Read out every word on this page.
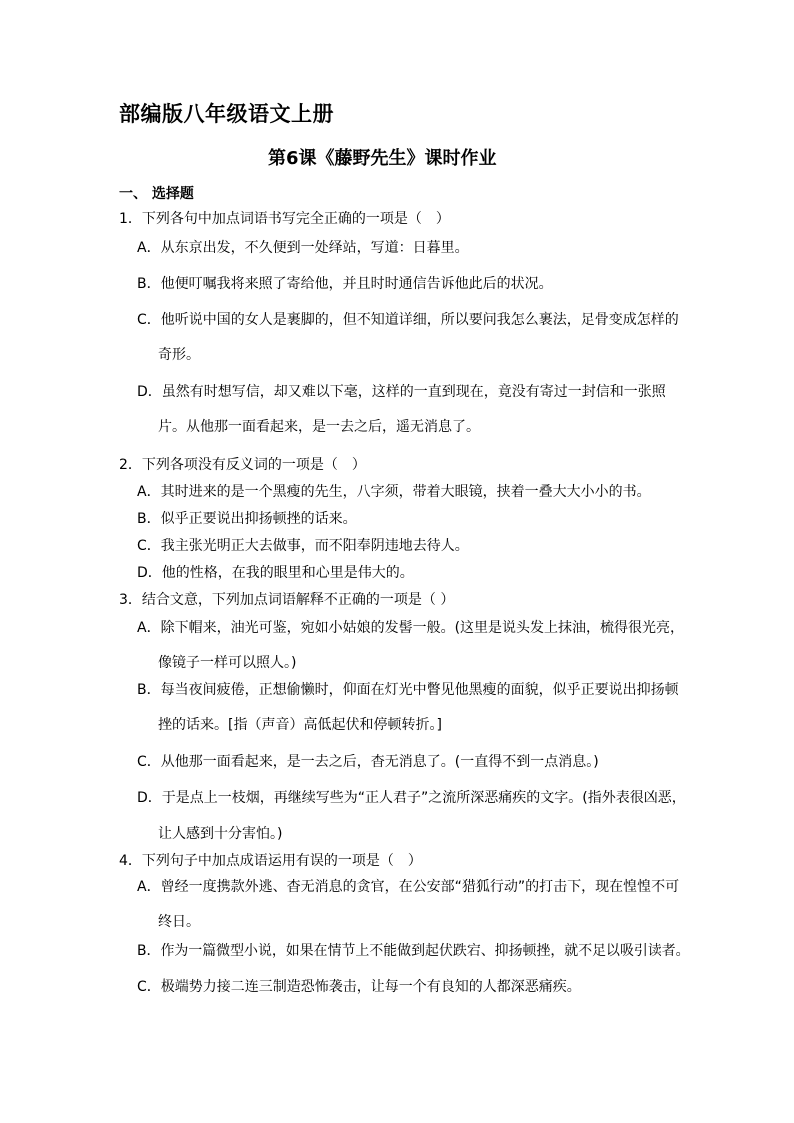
部编版八年级语文上册
第6课《藤野先生》课时作业
一、 选择题
1．下列各句中加点词语书写完全正确的一项是（　）
A．从东京出发，不久便到一处绎站，写道：日暮里。
B．他便叮嘱我将来照了寄给他，并且时时通信告诉他此后的状况。
C．他听说中国的女人是裹脚的，但不知道详细，所以要问我怎么裹法，足骨变成怎样的
奇形。
D．虽然有时想写信，却又难以下毫，这样的一直到现在，竟没有寄过一封信和一张照
片。从他那一面看起来，是一去之后，遥无消息了。
2．下列各项没有反义词的一项是（　）
A．其时进来的是一个黑瘦的先生，八字须，带着大眼镜，挟着一叠大大小小的书。
B．似乎正要说出抑扬顿挫的话来。
C．我主张光明正大去做事，而不阳奉阴违地去待人。
D．他的性格，在我的眼里和心里是伟大的。
3．结合文意，下列加点词语解释不正确的一项是（ ）
A．除下帽来，油光可鉴，宛如小姑娘的发髻一般。(这里是说头发上抹油，梳得很光亮，
像镜子一样可以照人。)
B．每当夜间疲倦，正想偷懒时，仰面在灯光中瞥见他黑瘦的面貌，似乎正要说出抑扬顿
挫的话来。[指（声音）高低起伏和停顿转折。]
C．从他那一面看起来，是一去之后，杳无消息了。(一直得不到一点消息。)
D．于是点上一枝烟，再继续写些为“正人君子”之流所深恶痛疾的文字。(指外表很凶恶，
让人感到十分害怕。)
4．下列句子中加点成语运用有误的一项是（　）
A．曾经一度携款外逃、杳无消息的贪官，在公安部“猎狐行动”的打击下，现在惶惶不可
终日。
B．作为一篇微型小说，如果在情节上不能做到起伏跌宕、抑扬顿挫，就不足以吸引读者。
C．极端势力接二连三制造恐怖袭击，让每一个有良知的人都深恶痛疾。
